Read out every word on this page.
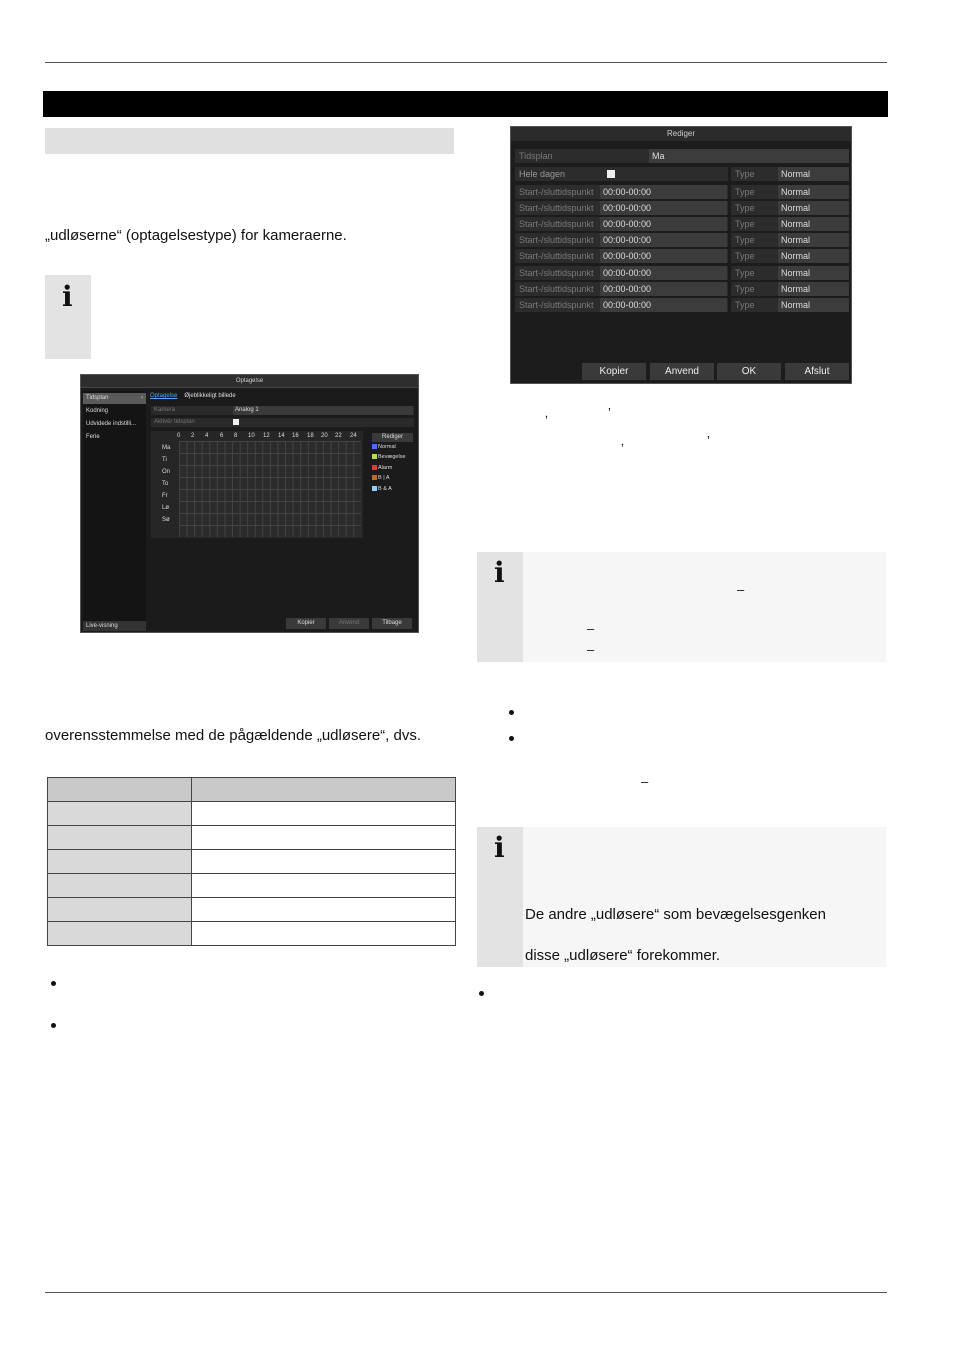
„udløserne“ (optagelsestype) for kameraerne.
i
Optagelse
Tidsplan ›
Kodning
Udvidede indstilli...
Ferie
Live-visning
Optagelse Øjeblikkeligt billede
Kamera	Analog 1
Aktivér tidsplan
0 2 4 6 8 10 12 14 16 18 20 22 24
Ma
Ti
On
To
Fr
Lø
Sø
Rediger
Normal
Bevægelse
Alarm
B | A
B & A
Kopier	Anvend	Tilbage
overensstemmelse med de pågældende „udløsere“, dvs.

Rediger
Tidsplan	Ma
Hele dagen	Type	Normal
Start-/sluttidspunkt	00:00-00:00	Type	Normal
Start-/sluttidspunkt	00:00-00:00	Type	Normal
Start-/sluttidspunkt	00:00-00:00	Type	Normal
Start-/sluttidspunkt	00:00-00:00	Type	Normal
Start-/sluttidspunkt	00:00-00:00	Type	Normal
Start-/sluttidspunkt	00:00-00:00	Type	Normal
Start-/sluttidspunkt	00:00-00:00	Type	Normal
Start-/sluttidspunkt	00:00-00:00	Type	Normal
Kopier	Anvend	OK	Afslut
‚	’
‚	’
i
–
–
–
–
i
De andre „udløsere“ som bevægelsesgenken
disse „udløsere“ forekommer.
